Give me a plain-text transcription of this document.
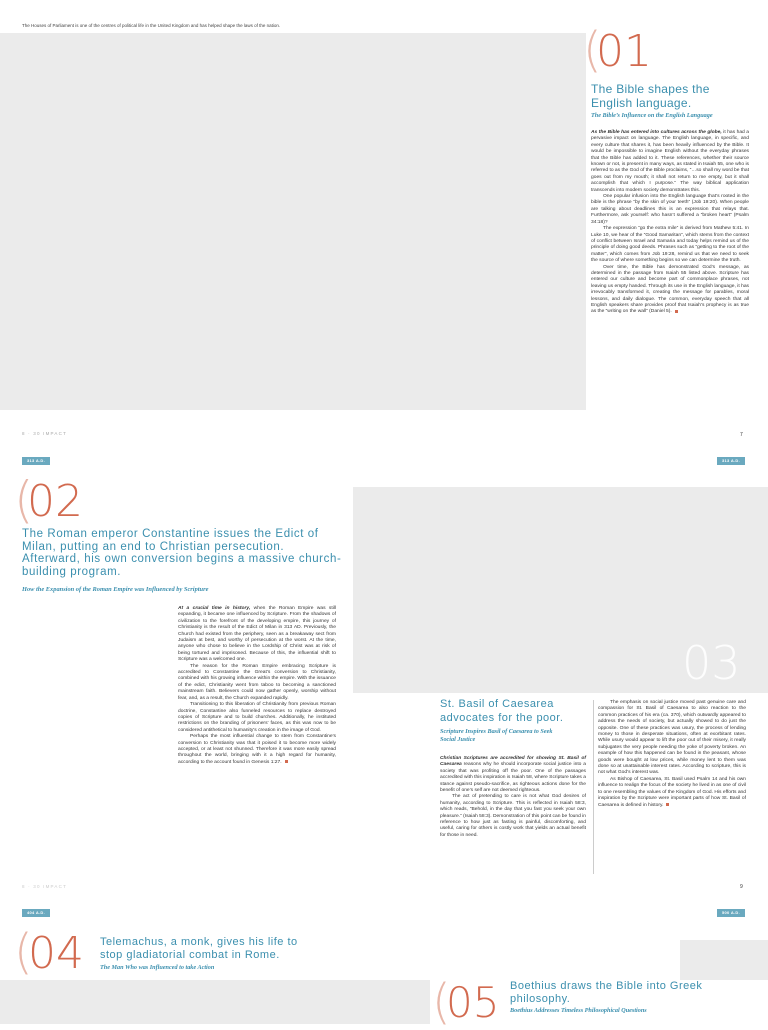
The Houses of Parliament is one of the centres of political life in the United Kingdom and has helped shape the laws of the nation.	(
01
The Bible shapes the English language.
The Bible’s Influence on the English Language

As the Bible has entered into cultures across the globe, it has had a pervasive impact on language. The English language, in specific, and every culture that shares it, has been heavily influenced by the Bible. It would be impossible to imagine English without the everyday phrases that the Bible has added to it. These references, whether their source known or not, is present in many ways, as stated in Isaiah 55, one who is referred to as the God of the Bible proclaims, “…so shall my word be that goes out from my mouth; it shall not return to me empty, but it shall accomplish that which I purpose.” The way biblical application transcends into modern society demonstrates this.

One popular infusion into the English language that’s rooted in the bible is the phrase “by the skin of your teeth” (Job 19:20). When people are talking about deadlines this is an expression that relays that. Furthermore, ask yourself: who hasn’t suffered a “broken heart” (Psalm 34:18)?

The expression “go the extra mile” is derived from Mathew 5:41. In Luke 10, we hear of the “Good Samaritan”, which stems from the context of conflict between Israel and Samaria and today helps remind us of the principle of doing good deeds. Phrases such as “getting to the root of the matter”, which comes from Job 19:28, remind us that we need to seek the source of where something begins so we can determine the truth.

Over time, the Bible has demonstrated God’s message, as determined in the passage from Isaiah 55 listed above. Scripture has entered our culture and become part of commonplace phrases, not leaving us empty handed. Through its use in the English language, it has irrevocably transformed it, creating the message for parables, moral lessons, and daily dialogue. The common, everyday speech that all English speakers share provides proof that Isaiah’s prophecy is as true as the “writing on the wall” (Daniel 5).

8 · 30 IMPACT	7
313 A.D.	313 A.D.
03
(
02
The Roman emperor Constantine issues the Edict of Milan, putting an end to Christian persecution. Afterward, his own conversion begins a massive church-building program.
How the Expansion of the Roman Empire was Influenced by Scripture

At a crucial time in history, when the Roman Empire was still expanding, it became one influenced by Scripture. From the shadows of civilization to the forefront of the developing empire, this journey of Christianity is the result of the Edict of Milan in 313 AD. Previously, the Church had existed from the periphery, seen as a breakaway sect from Judaism at best, and worthy of persecution at the worst. At the time, anyone who chose to believe in the Lordship of Christ was at risk of being tortured and imprisoned. Because of this, the influential shift to Scripture was a welcomed one.

The reason for the Roman Empire embracing Scripture is accredited to Constantine the Great’s conversion to Christianity, combined with his growing influence within the empire. With the issuance of the edict, Christianity went from taboo to becoming a sanctioned mainstream faith. Believers could now gather openly, worship without fear, and, as a result, the Church expanded rapidly.

Transitioning to this liberation of Christianity from previous Roman doctrine, Constantine also funneled resources to replace destroyed copies of Scripture and to build churches. Additionally, he instituted restrictions on the branding of prisoners’ faces, as this was now to be considered antithetical to humanity’s creation in the image of God.

Perhaps the most influential change to stem from Constantine’s conversion to Christianity was that it poised it to become more widely accepted, or at least not shunned. Therefore it was more easily spread throughout the world, bringing with it a high regard for humanity, according to the account found in Genesis 1:27.

St. Basil of Caesarea advocates for the poor.
Scripture Inspires Basil of Caesarea to Seek Social Justice

Christian Scriptures are accredited for showing St. Basil of Caesarea reasons why he should incorporate social justice into a society that was profiting off the poor. One of the passages accredited with this inspiration is Isaiah 58, where Scripture takes a stance against pseudo-sacrifice, as righteous actions done for the benefit of one’s self are not deemed righteous.

The act of pretending to care is not what God desires of humanity, according to Scripture. This is reflected in Isaiah 58:3, which reads, “Behold, in the day that you fast you seek your own pleasure.” (Isaiah 58:3). Demonstration of this point can be found in reference to how just as fasting is painful, discomforting, and useful, caring for others is costly work that yields an actual benefit for those in need.

The emphasis on social justice moved past genuine care and compassion for St. Basil of Caesarea to also reaction to the common practices of his era (ca. 370), which outwardly appeared to address the needs of society, but actually showed to do just the opposite. One of these practices was usury, the process of lending money to those in desperate situations, often at exorbitant rates. While usury would appear to lift the poor out of their misery, it really subjugates the very people needing the yoke of poverty broken. An example of how this happened can be found in the peasant, whose goods were bought at low prices, while money lent to them was done so at unattainable interest rates. According to scripture, this is not what God’s interest was.

As Bishop of Caesarea, St. Basil used Psalm 14 and his own influence to realign the focus of the society he lived in as one of civil to one resembling the values of the Kingdom of God. His efforts and inspiration by the Scripture were important parts of how St. Basil of Caesarea is defined in history.

8 · 30 IMPACT	9
404 A.D.	500 A.D.
(
04 Telemachus, a monk, gives his life to stop gladiatorial combat in Rome.
The Man Who was Influenced to take Action
(
05 Boethius draws the Bible into Greek philosophy.
Boethius Addresses Timeless Philosophical Questions
